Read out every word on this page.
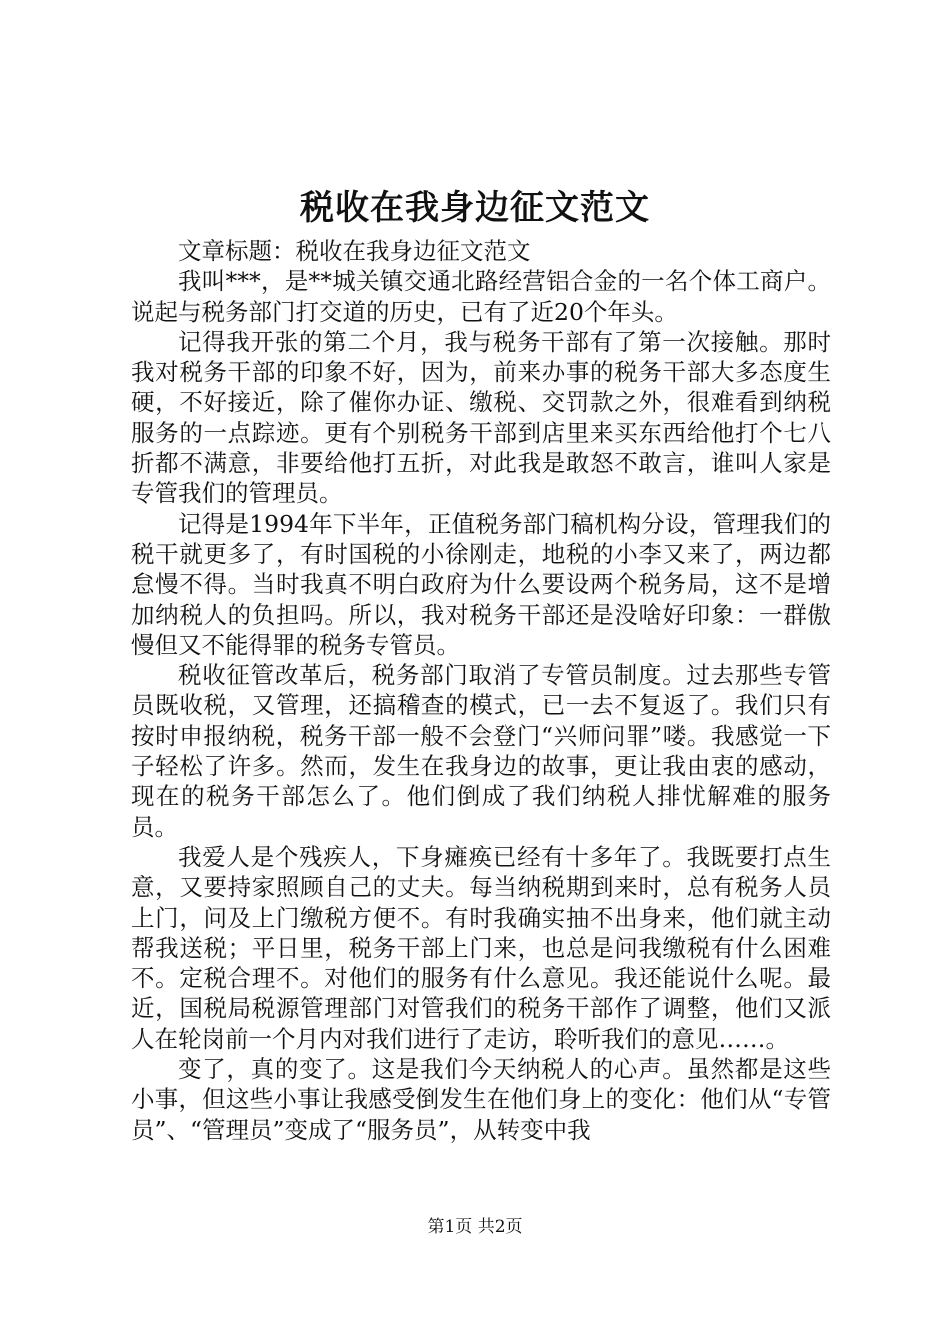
税收在我身边征文范文

文章标题：税收在我身边征文范文

我叫***，是**城关镇交通北路经营铝合金的一名个体工商户。说起与税务部门打交道的历史，已有了近20个年头。

记得我开张的第二个月，我与税务干部有了第一次接触。那时我对税务干部的印象不好，因为，前来办事的税务干部大多态度生硬，不好接近，除了催你办证、缴税、交罚款之外，很难看到纳税服务的一点踪迹。更有个别税务干部到店里来买东西给他打个七八折都不满意，非要给他打五折，对此我是敢怒不敢言，谁叫人家是专管我们的管理员。

记得是1994年下半年，正值税务部门稿机构分设，管理我们的税干就更多了，有时国税的小徐刚走，地税的小李又来了，两边都怠慢不得。当时我真不明白政府为什么要设两个税务局，这不是增加纳税人的负担吗。所以，我对税务干部还是没啥好印象：一群傲慢但又不能得罪的税务专管员。

税收征管改革后，税务部门取消了专管员制度。过去那些专管员既收税，又管理，还搞稽查的模式，已一去不复返了。我们只有按时申报纳税，税务干部一般不会登门“兴师问罪”喽。我感觉一下子轻松了许多。然而，发生在我身边的故事，更让我由衷的感动，现在的税务干部怎么了。他们倒成了我们纳税人排忧解难的服务员。

我爱人是个残疾人，下身瘫痪已经有十多年了。我既要打点生意，又要持家照顾自己的丈夫。每当纳税期到来时，总有税务人员上门，问及上门缴税方便不。有时我确实抽不出身来，他们就主动帮我送税；平日里，税务干部上门来，也总是问我缴税有什么困难不。定税合理不。对他们的服务有什么意见。我还能说什么呢。最近，国税局税源管理部门对管我们的税务干部作了调整，他们又派人在轮岗前一个月内对我们进行了走访，聆听我们的意见……。

变了，真的变了。这是我们今天纳税人的心声。虽然都是这些小事，但这些小事让我感受倒发生在他们身上的变化：他们从“专管员”、“管理员”变成了“服务员”，从转变中我

第1页 共2页
